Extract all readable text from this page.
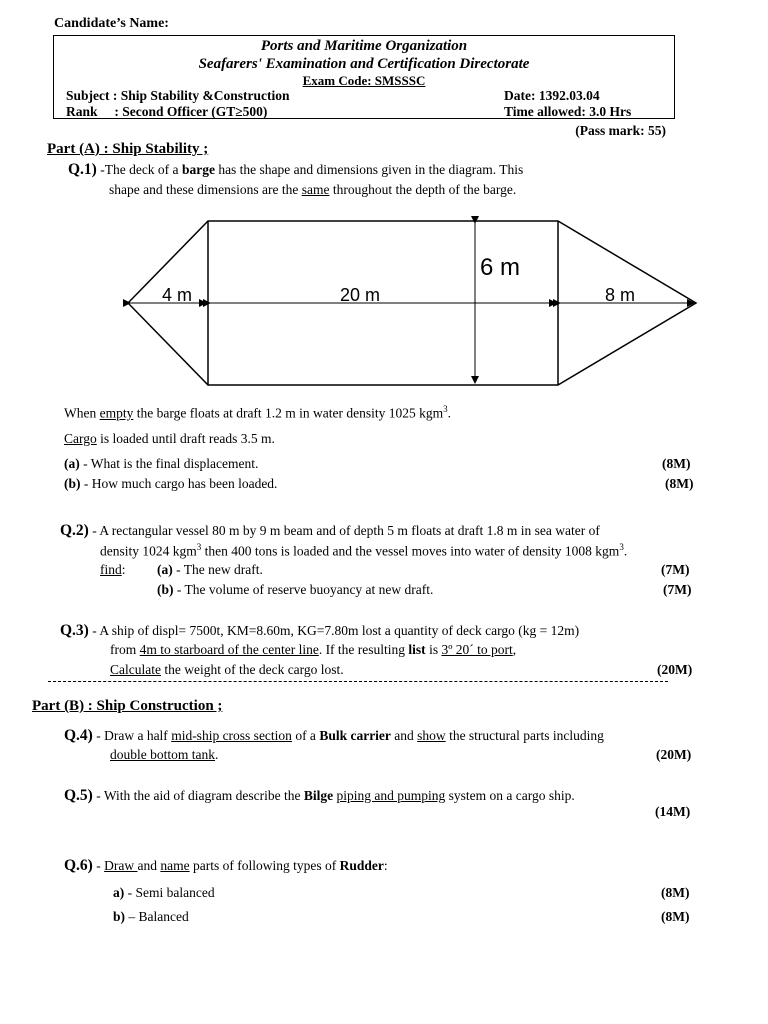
Candidate’s Name:
Ports and Maritime Organization
Seafarers' Examination and Certification Directorate
Exam Code: SMSSSC
Subject : Ship Stability &Construction
Rank     : Second Officer (GT≥500)
Date: 1392.03.04
Time allowed: 3.0 Hrs
(Pass mark: 55)
Part (A) : Ship Stability ;
Q.1) -The deck of a barge has the shape and dimensions given in the diagram. This
shape and these dimensions are the same throughout the depth of the barge.
4 m	20 m	8 m
6 m
When empty the barge floats at draft 1.2 m in water density 1025 kgm$^3$.
Cargo is loaded until draft reads 3.5 m.
(a) - What is the final displacement.	(8M)
(b) - How much cargo has been loaded.	(8M)
Q.2) - A rectangular vessel 80 m by 9 m beam and of depth 5 m floats at draft 1.8 m in sea water of
density 1024 kgm$^3$ then 400 tons is loaded and the vessel moves into water of density 1008 kgm$^3$.
find: (a) - The new draft.	(7M)
(b) - The volume of reserve buoyancy at new draft.	(7M)
Q.3) - A ship of displ= 7500t, KM=8.60m, KG=7.80m lost a quantity of deck cargo (kg = 12m)
from 4m to starboard of the center line. If the resulting list is 3º 20´ to port,
Calculate the weight of the deck cargo lost.	(20M)
Part (B) : Ship Construction ;
Q.4) - Draw a half mid-ship cross section of a Bulk carrier and show the structural parts including
double bottom tank.	(20M)
Q.5) - With the aid of diagram describe the Bilge piping and pumping system on a cargo ship.
(14M)
Q.6) - Draw and name parts of following types of Rudder:
a) - Semi balanced	(8M)
b) – Balanced	(8M)
